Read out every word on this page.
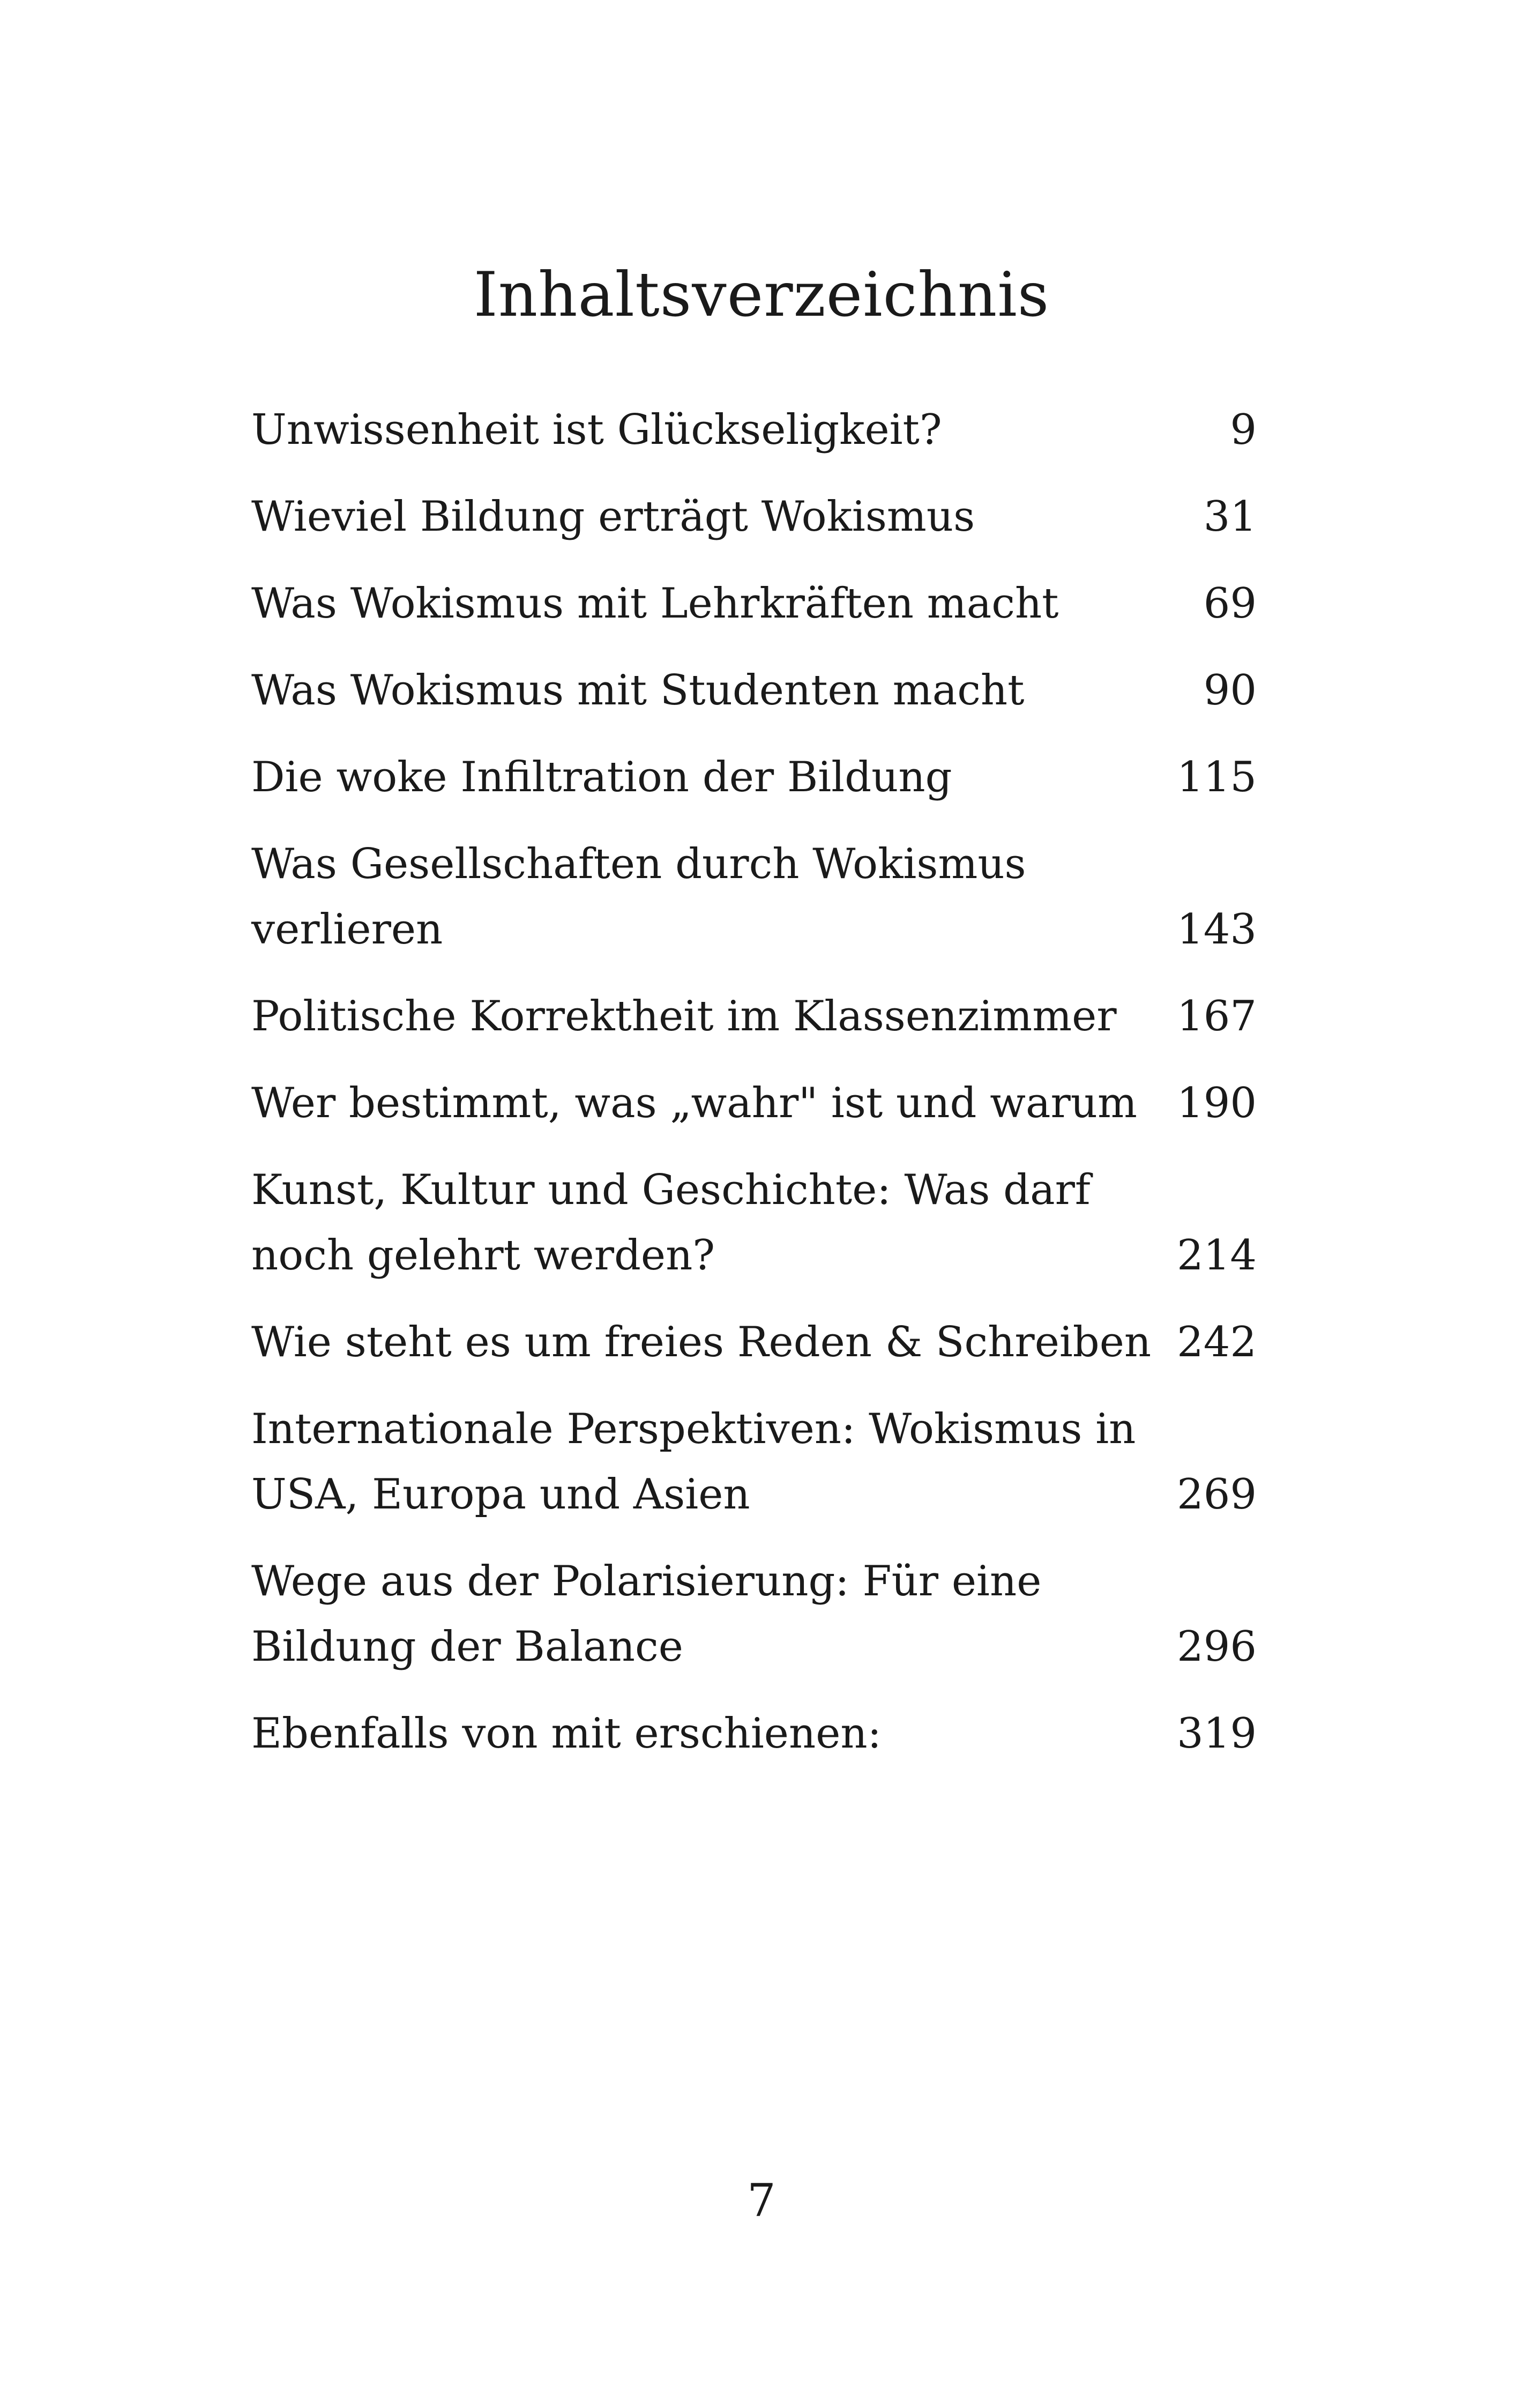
Inhaltsverzeichnis
Unwissenheit ist Glückseligkeit?	9
Wieviel Bildung erträgt Wokismus	31
Was Wokismus mit Lehrkräften macht	69
Was Wokismus mit Studenten macht	90
Die woke Infiltration der Bildung	115
Was Gesellschaften durch Wokismus verlieren	143
Politische Korrektheit im Klassenzimmer	167
Wer bestimmt, was „wahr" ist und warum 190
Kunst, Kultur und Geschichte: Was darf noch gelehrt werden?	214
Wie steht es um freies Reden & Schreiben 242
Internationale Perspektiven: Wokismus in USA, Europa und Asien	269
Wege aus der Polarisierung: Für eine Bildung der Balance	296
Ebenfalls von mit erschienen:	319
7
